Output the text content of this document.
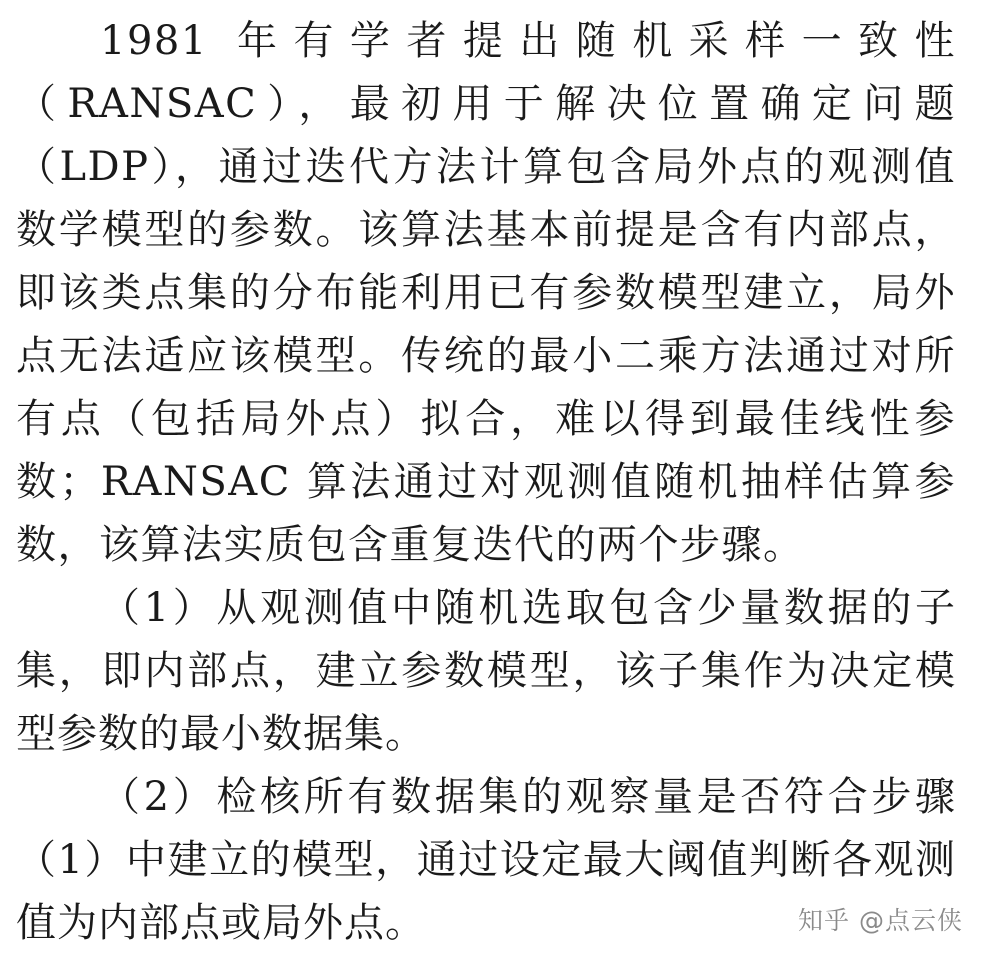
1981 年有学者提出随机采样一致性（RANSAC），最初用于解决位置确定问题（LDP），通过迭代方法计算包含局外点的观测值数学模型的参数。该算法基本前提是含有内部点，即该类点集的分布能利用已有参数模型建立，局外点无法适应该模型。传统的最小二乘方法通过对所有点（包括局外点）拟合，难以得到最佳线性参数；RANSAC 算法通过对观测值随机抽样估算参数，该算法实质包含重复迭代的两个步骤。

（1）从观测值中随机选取包含少量数据的子集，即内部点，建立参数模型，该子集作为决定模型参数的最小数据集。

（2）检核所有数据集的观察量是否符合步骤（1）中建立的模型，通过设定最大阈值判断各观测值为内部点或局外点。	知乎 @点云侠
